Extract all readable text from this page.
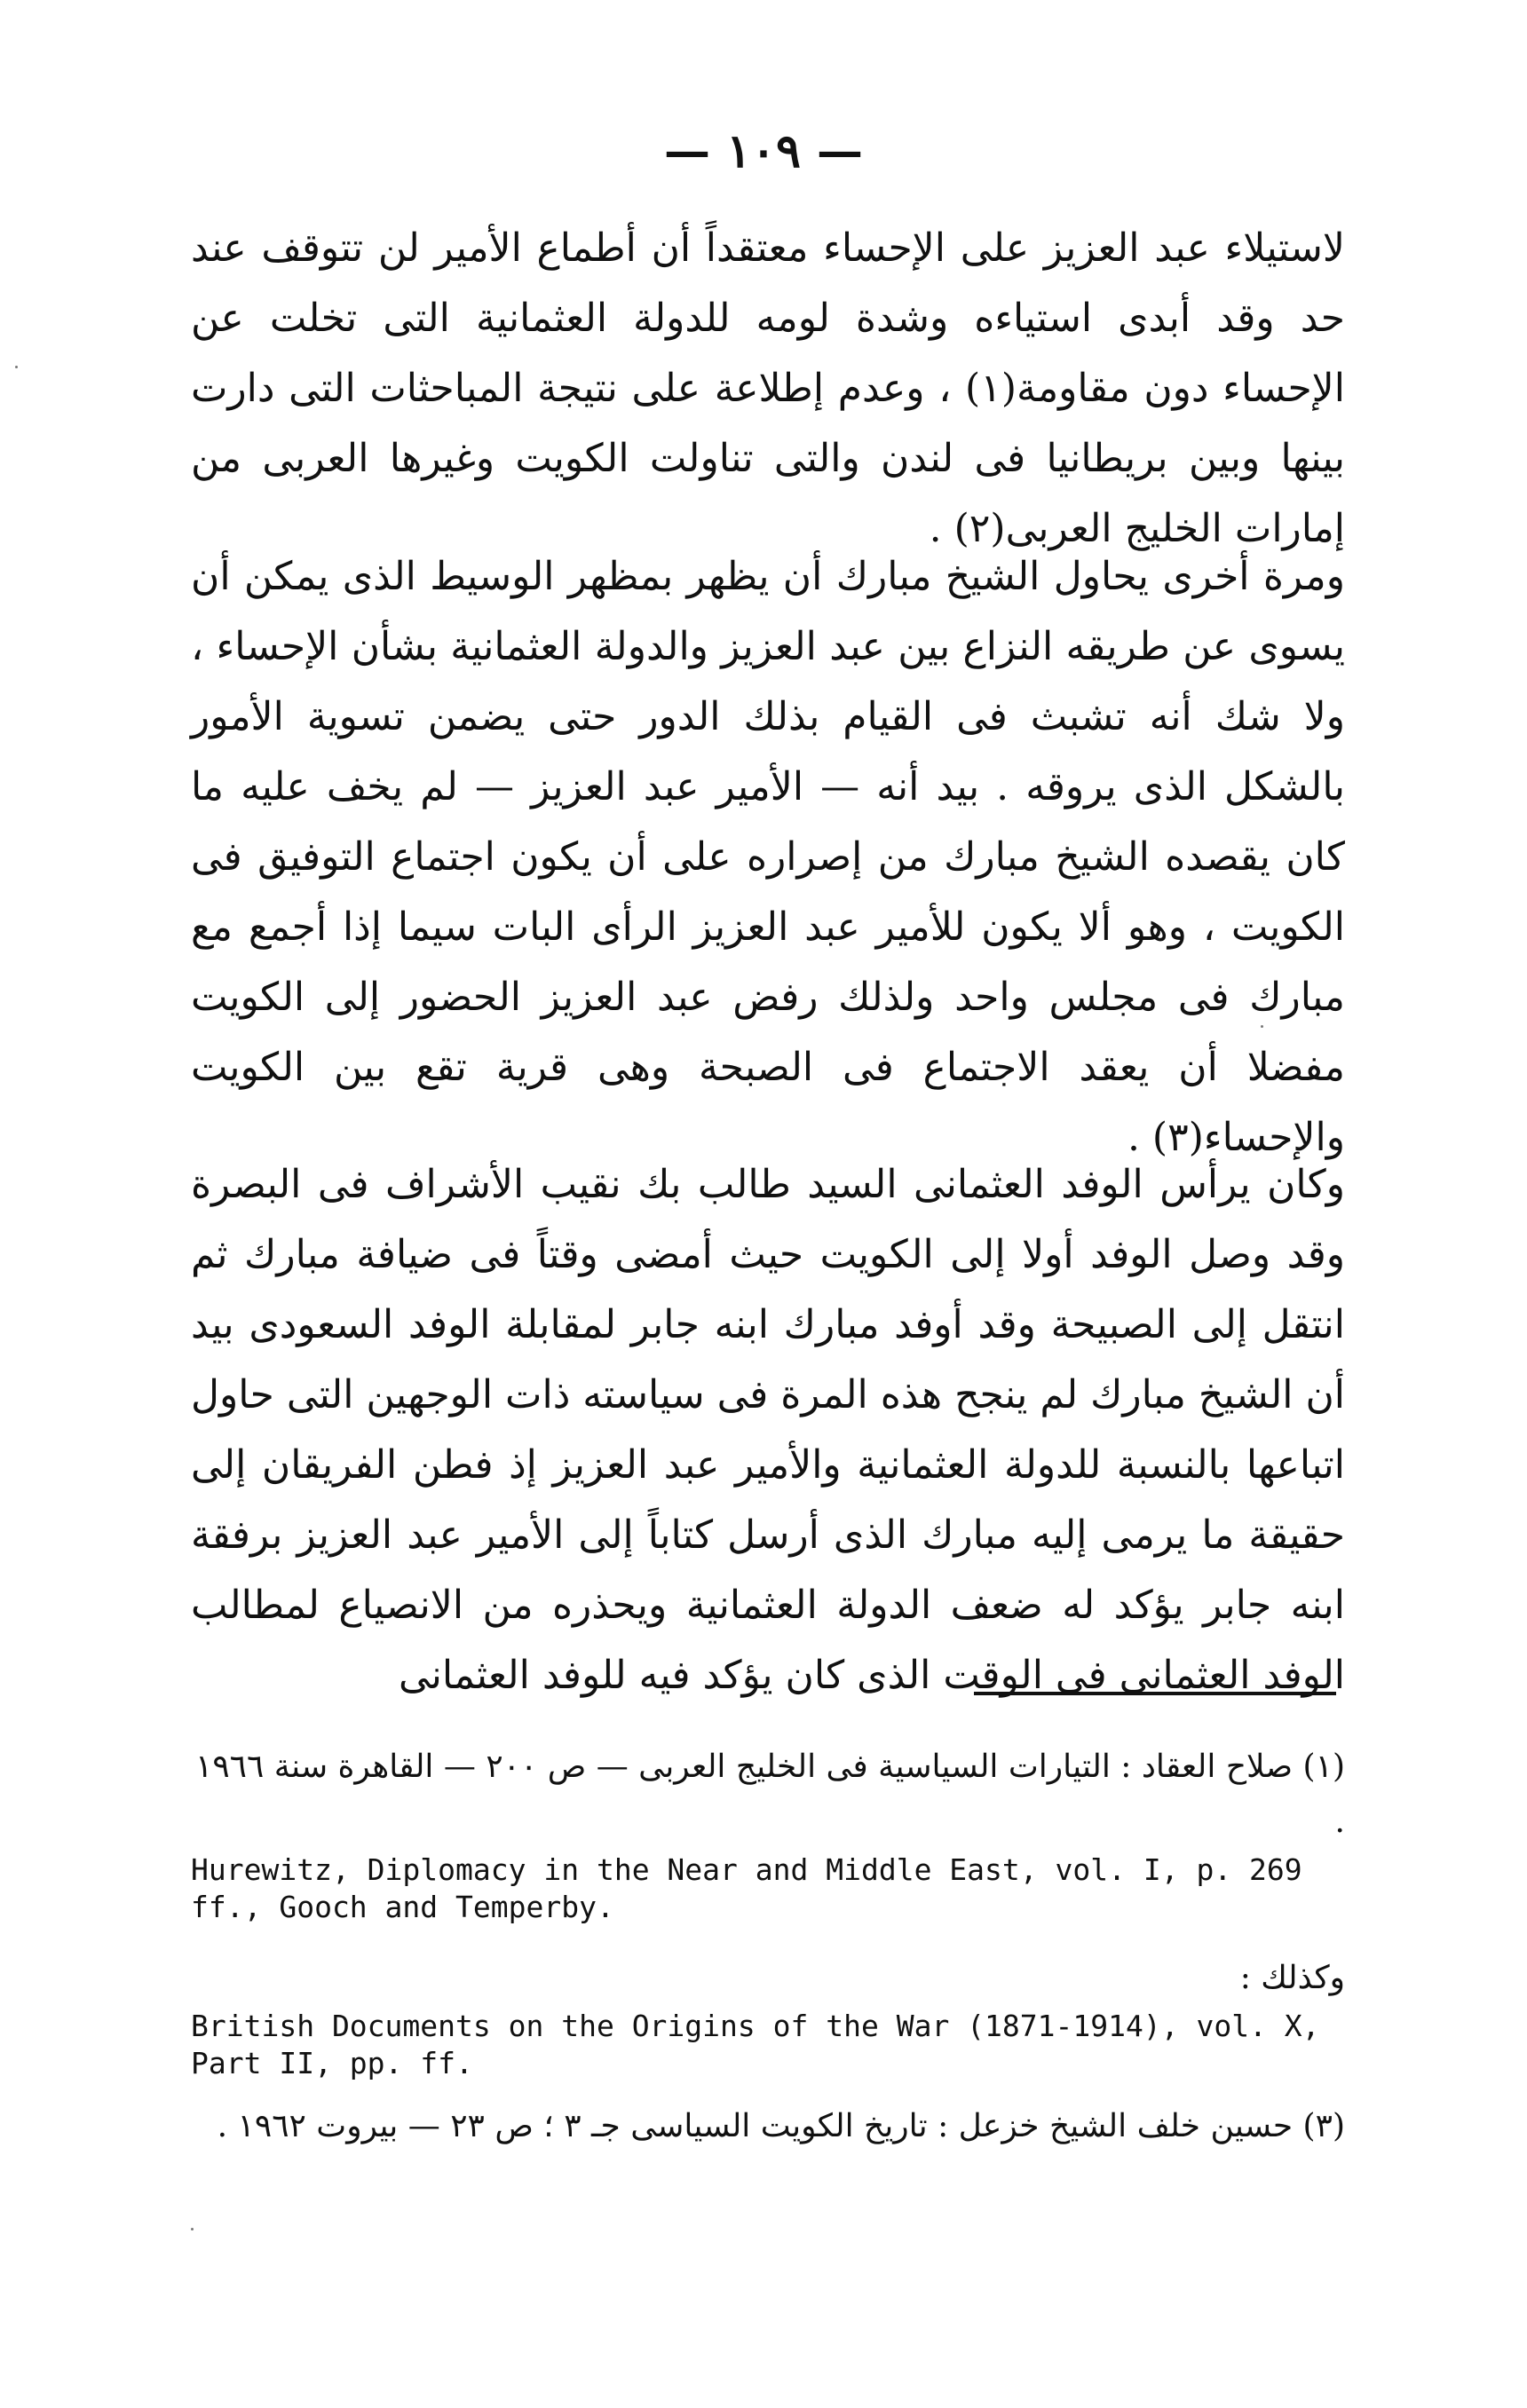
— ١٠٩ —

لاستيلاء عبد العزيز على الإحساء معتقداً أن أطماع الأمير لن تتوقف عند حد وقد أبدى استياءه وشدة لومه للدولة العثمانية التى تخلت عن الإحساء دون مقاومة(١) ، وعدم إطلاعة على نتيجة المباحثات التى دارت بينها وبين بريطانيا فى لندن والتى تناولت الكويت وغيرها العربى من إمارات الخليج العربى(٢) .

ومرة أخرى يحاول الشيخ مبارك أن يظهر بمظهر الوسيط الذى يمكن أن يسوى عن طريقه النزاع بين عبد العزيز والدولة العثمانية بشأن الإحساء ، ولا شك أنه تشبث فى القيام بذلك الدور حتى يضمن تسوية الأمور بالشكل الذى يروقه . بيد أنه — الأمير عبد العزيز — لم يخف عليه ما كان يقصده الشيخ مبارك من إصراره على أن يكون اجتماع التوفيق فى الكويت ، وهو ألا يكون للأمير عبد العزيز الرأى البات سيما إذا أجمع مع مبارك فى مجلس واحد ولذلك رفض عبد العزيز الحضور إلى الكويت مفضلا أن يعقد الاجتماع فى الصبحة وهى قرية تقع بين الكويت والإحساء(٣) .

وكان يرأس الوفد العثمانى السيد طالب بك نقيب الأشراف فى البصرة وقد وصل الوفد أولا إلى الكويت حيث أمضى وقتاً فى ضيافة مبارك ثم انتقل إلى الصبيحة وقد أوفد مبارك ابنه جابر لمقابلة الوفد السعودى بيد أن الشيخ مبارك لم ينجح هذه المرة فى سياسته ذات الوجهين التى حاول اتباعها بالنسبة للدولة العثمانية والأمير عبد العزيز إذ فطن الفريقان إلى حقيقة ما يرمى إليه مبارك الذى أرسل كتاباً إلى الأمير عبد العزيز برفقة ابنه جابر يؤكد له ضعف الدولة العثمانية ويحذره من الانصياع لمطالب الوفد العثمانى فى الوقت الذى كان يؤكد فيه للوفد العثمانى

(١) صلاح العقاد : التيارات السياسية فى الخليج العربى — ص ٢٠٠ — القاهرة سنة ١٩٦٦ .

Hurewitz, Diplomacy in the Near and Middle East, vol. I, p. 269 ff., Gooch and Temperby.

وكذلك :

British Documents on the Origins of the War (1871-1914), vol. X, Part II, pp. ff.

(٣) حسين خلف الشيخ خزعل : تاريخ الكويت السياسى جـ ٣ ؛ ص ٢٣ — بيروت ١٩٦٢ .
